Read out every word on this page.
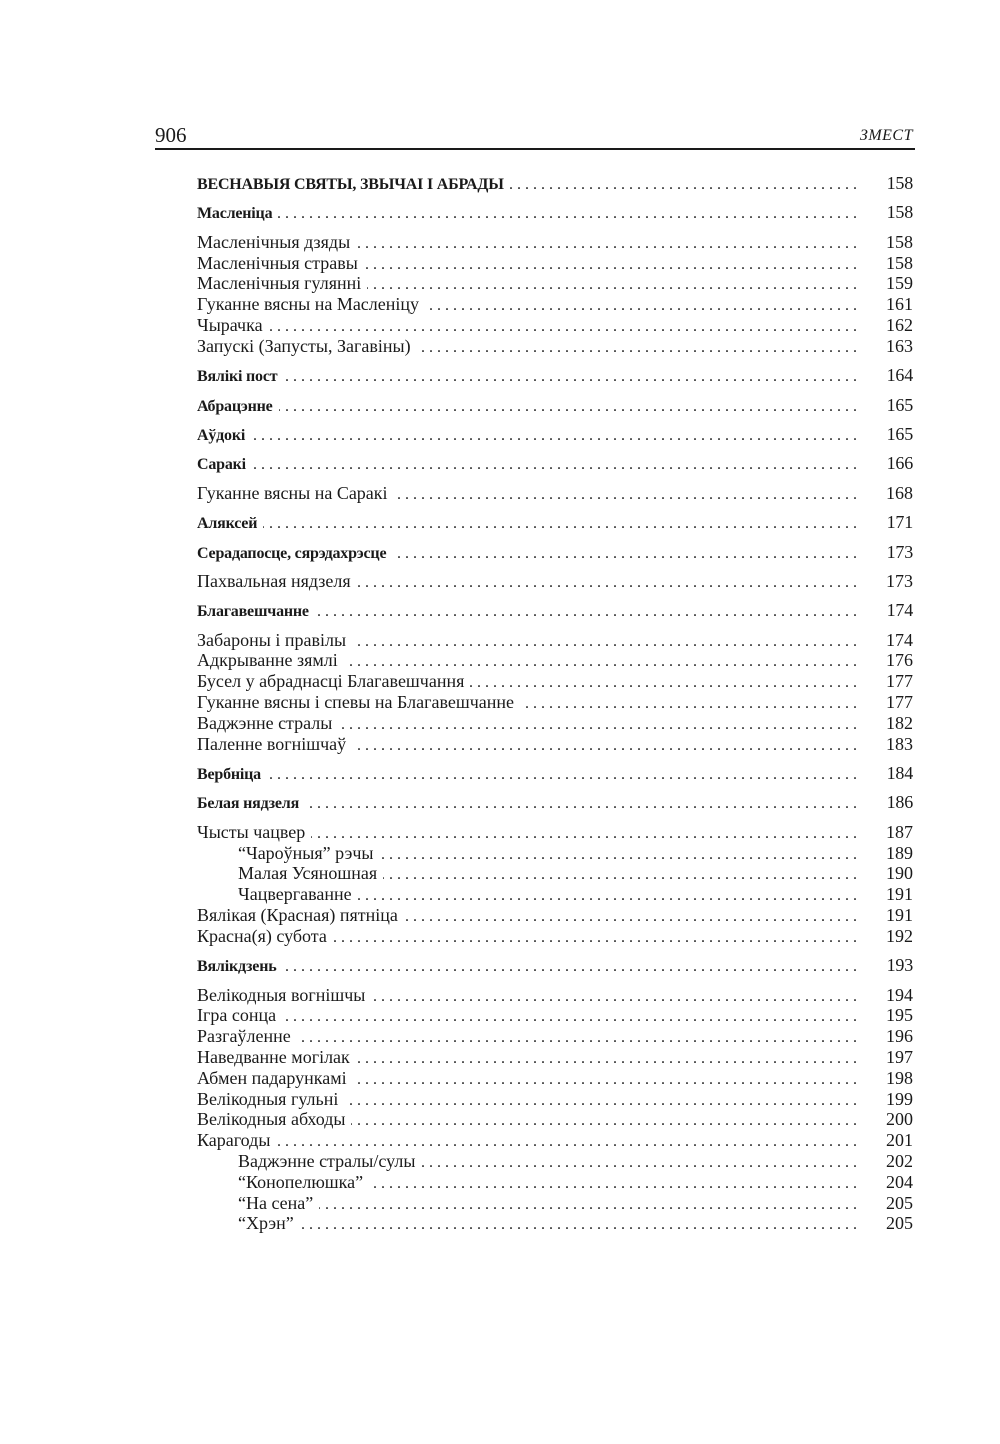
906	ЗМЕСТ
ВЕСНАВЫЯ СВЯТЫ, ЗВЫЧАІ І АБРАДЫ . . .	158
Масленіца . . .	158
Масленічныя дзяды . . .	158
Масленічныя стравы . . .	158
Масленічныя гулянні . . .	159
Гуканне вясны на Масленіцу . . .	161
Чырачка . . .	162
Запускі (Запусты, Загавіны) . . .	163
Вялікі пост . . .	164
Абрацэнне . . .	165
Аўдокі . . .	165
Саракі . . .	166
Гуканне вясны на Саракі . . .	168
Аляксей . . .	171
Серадапосце, сярэдахрэсце . . .	173
Пахвальная нядзеля . . .	173
Благавешчанне . . .	174
Забароны і правілы . . .	174
Адкрыванне зямлі . . .	176
Бусел у абраднасці Благавешчання . . .	177
Гуканне вясны і спевы на Благавешчанне . . .	177
Ваджэнне стралы . . .	182
Паленне вогнішчаў . . .	183
Вербніца . . .	184
Белая нядзеля . . .	186
Чысты чацвер . . .	187
“Чароўныя” рэчы . . .	189
Малая Усяношная . . .	190
Чацвергаванне . . .	191
Вялікая (Красная) пятніца . . .	191
Красна(я) субота . . .	192
Вялікдзень . . .	193
Велікодныя вогнішчы . . .	194
Ігра сонца . . .	195
Разгаўленне . . .	196
Наведванне могілак . . .	197
Абмен падарункамі . . .	198
Велікодныя гульні . . .	199
Велікодныя абходы . . .	200
Карагоды . . .	201
Ваджэнне стралы/сулы . . .	202
“Конопелюшка” . . .	204
“На сена” . . .	205
“Хрэн” . . .	205
